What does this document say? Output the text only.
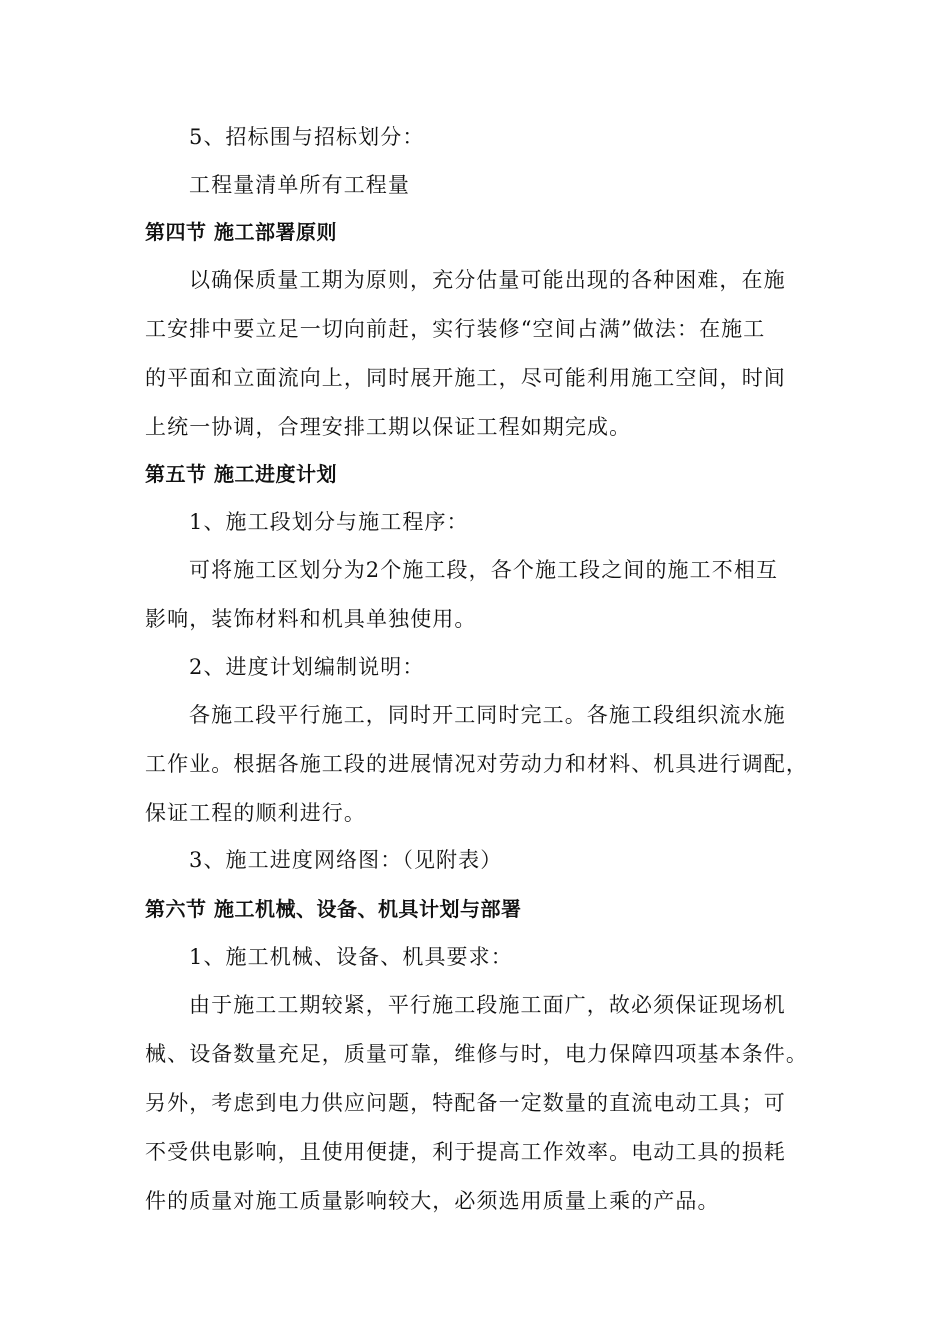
5、招标围与招标划分：
工程量清单所有工程量
第四节 施工部署原则
以确保质量工期为原则，充分估量可能出现的各种困难，在施
工安排中要立足一切向前赶，实行装修“空间占满”做法：在施工
的平面和立面流向上，同时展开施工，尽可能利用施工空间，时间
上统一协调，合理安排工期以保证工程如期完成。
第五节 施工进度计划
1、施工段划分与施工程序：
可将施工区划分为2个施工段，各个施工段之间的施工不相互
影响，装饰材料和机具单独使用。
2、进度计划编制说明：
各施工段平行施工，同时开工同时完工。各施工段组织流水施
工作业。根据各施工段的进展情况对劳动力和材料、机具进行调配，
保证工程的顺利进行。
3、施工进度网络图：（见附表）
第六节 施工机械、设备、机具计划与部署
1、施工机械、设备、机具要求：
由于施工工期较紧，平行施工段施工面广，故必须保证现场机
械、设备数量充足，质量可靠，维修与时，电力保障四项基本条件。
另外，考虑到电力供应问题，特配备一定数量的直流电动工具；可
不受供电影响，且使用便捷，利于提高工作效率。电动工具的损耗
件的质量对施工质量影响较大，必须选用质量上乘的产品。
